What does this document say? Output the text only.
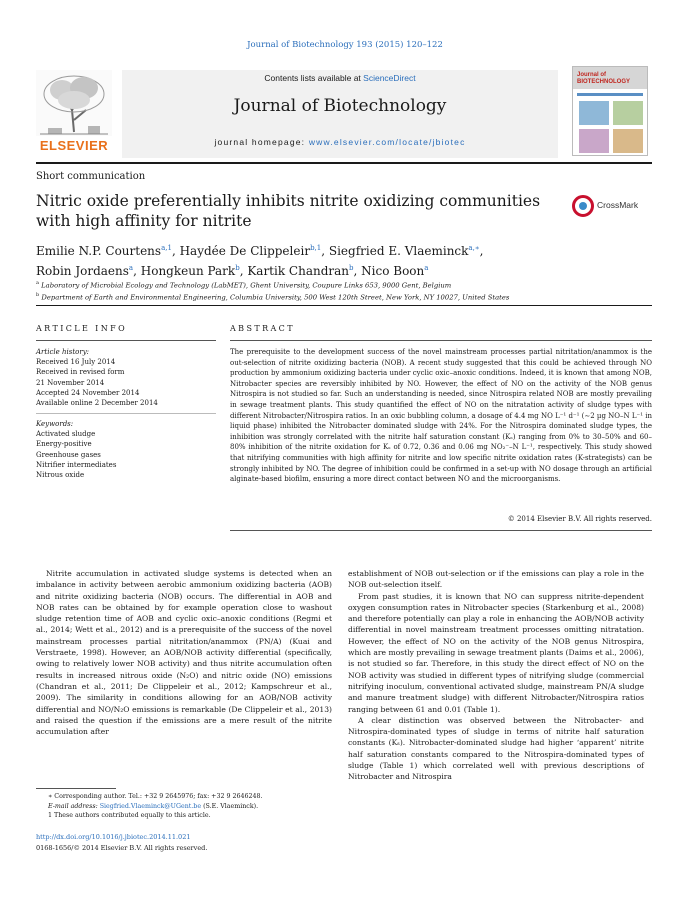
Journal of Biotechnology 193 (2015) 120–122
ELSEVIER
Contents lists available at ScienceDirect
Journal of Biotechnology
journal homepage: www.elsevier.com/locate/jbiotec
Journal of
BIOTECHNOLOGY
Short communication
Nitric oxide preferentially inhibits nitrite oxidizing communities with high affinity for nitrite
CrossMark
Emilie N.P. Courtens$^{a,1}$, Haydée De Clippeleir$^{b,1}$, Siegfried E. Vlaeminck$^{a,∗}$,
Robin Jordaens$^a$, Hongkeun Park$^b$, Kartik Chandran$^b$, Nico Boon$^a$
$^a$ Laboratory of Microbial Ecology and Technology (LabMET), Ghent University, Coupure Links 653, 9000 Gent, Belgium
$^b$ Department of Earth and Environmental Engineering, Columbia University, 500 West 120th Street, New York, NY 10027, United States
ARTICLE INFO	ABSTRACT
Article history:
Received 16 July 2014
Received in revised form
21 November 2014
Accepted 24 November 2014
Available online 2 December 2014
Keywords:
Activated sludge
Energy-positive
Greenhouse gases
Nitrifier intermediates
Nitrous oxide
The prerequisite to the development success of the novel mainstream processes partial nitritation/anammox is the out-selection of nitrite oxidizing bacteria (NOB). A recent study suggested that this could be achieved through NO production by ammonium oxidizing bacteria under cyclic oxic–anoxic conditions. Indeed, it is known that among NOB, Nitrobacter species are reversibly inhibited by NO. However, the effect of NO on the activity of the NOB genus Nitrospira is not studied so far. Such an understanding is needed, since Nitrospira related NOB are mostly prevailing in sewage treatment plants. This study quantified the effect of NO on the nitratation activity of sludge types with different Nitrobacter/Nitrospira ratios. In an oxic bubbling column, a dosage of 4.4 mg NO L⁻¹ d⁻¹ (∼2 µg NO–N L⁻¹ in liquid phase) inhibited the Nitrobacter dominated sludge with 24%. For the Nitrospira dominated sludge types, the inhibition was strongly correlated with the nitrite half saturation constant (Kₛ) ranging from 0% to 30–50% and 60–80% inhibition of the nitrite oxidation for Kₛ of 0.72, 0.36 and 0.06 mg NO₂⁻–N L⁻¹, respectively. This study showed that nitrifying communities with high affinity for nitrite and low specific nitrite oxidation rates (K-strategists) can be strongly inhibited by NO. The degree of inhibition could be confirmed in a set-up with NO dosage through an artificial alginate-based biofilm, ensuring a more direct contact between NO and the microorganisms.
© 2014 Elsevier B.V. All rights reserved.

Nitrite accumulation in activated sludge systems is detected when an imbalance in activity between aerobic ammonium oxidizing bacteria (AOB) and nitrite oxidizing bacteria (NOB) occurs. The differential in AOB and NOB rates can be obtained by for example operation close to washout sludge retention time of AOB and cyclic oxic–anoxic conditions (Regmi et al., 2014; Wett et al., 2012) and is a prerequisite of the success of the novel mainstream processes partial nitritation/anammox (PN/A) (Kuai and Verstraete, 1998). However, an AOB/NOB activity differential (specifically, owing to relatively lower NOB activity) and thus nitrite accumulation often results in increased nitrous oxide (N₂O) and nitric oxide (NO) emissions (Chandran et al., 2011; De Clippeleir et al., 2012; Kampschreur et al., 2009). The similarity in conditions allowing for an AOB/NOB activity differential and NO/N₂O emissions is remarkable (De Clippeleir et al., 2013) and raised the question if the emissions are a mere result of the nitrite accumulation after

establishment of NOB out-selection or if the emissions can play a role in the NOB out-selection itself.

From past studies, it is known that NO can suppress nitrite-dependent oxygen consumption rates in Nitrobacter species (Starkenburg et al., 2008) and therefore potentially can play a role in enhancing the AOB/NOB activity differential in novel mainstream treatment processes omitting nitratation. However, the effect of NO on the activity of the NOB genus Nitrospira, which are mostly prevailing in sewage treatment plants (Daims et al., 2006), is not studied so far. Therefore, in this study the direct effect of NO on the NOB activity was studied in different types of nitrifying sludge (commercial nitrifying inoculum, conventional activated sludge, mainstream PN/A sludge and manure treatment sludge) with different Nitrobacter/Nitrospira ratios ranging between 61 and 0.01 (Table 1).

A clear distinction was observed between the Nitrobacter- and Nitrospira-dominated types of sludge in terms of nitrite half saturation constants (Kₛ). Nitrobacter-dominated sludge had higher ‘apparent’ nitrite half saturation constants compared to the Nitrospira-dominated types of sludge (Table 1) which correlated well with previous descriptions of Nitrobacter and Nitrospira

∗ Corresponding author. Tel.: +32 9 2645976; fax: +32 9 2646248.
E-mail address: Siegfried.Vlaeminck@UGent.be (S.E. Vlaeminck).
1 These authors contributed equally to this article.
http://dx.doi.org/10.1016/j.jbiotec.2014.11.021
0168-1656/© 2014 Elsevier B.V. All rights reserved.
